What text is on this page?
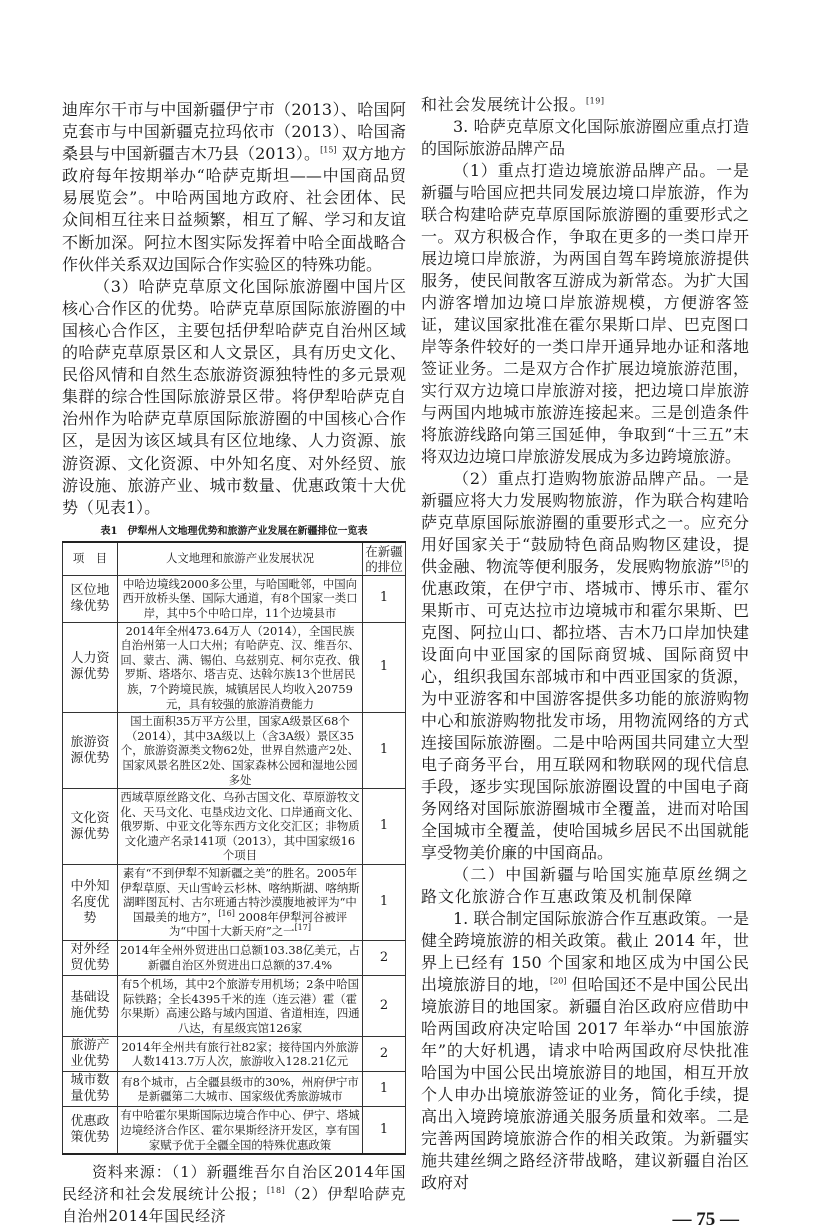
迪库尔干市与中国新疆伊宁市（2013）、哈国阿克套市与中国新疆克拉玛依市（2013）、哈国斋桑县与中国新疆吉木乃县（2013）。[15] 双方地方政府每年按期举办“哈萨克斯坦——中国商品贸易展览会”。中哈两国地方政府、社会团体、民众间相互往来日益频繁，相互了解、学习和友谊不断加深。阿拉木图实际发挥着中哈全面战略合作伙伴关系双边国际合作实验区的特殊功能。

（3）哈萨克草原文化国际旅游圈中国片区核心合作区的优势。哈萨克草原国际旅游圈的中国核心合作区，主要包括伊犁哈萨克自治州区域的哈萨克草原景区和人文景区，具有历史文化、民俗风情和自然生态旅游资源独特性的多元景观集群的综合性国际旅游景区带。将伊犁哈萨克自治州作为哈萨克草原国际旅游圈的中国核心合作区，是因为该区域具有区位地缘、人力资源、旅游资源、文化资源、中外知名度、对外经贸、旅游设施、旅游产业、城市数量、优惠政策十大优势（见表1）。

表1　伊犁州人文地理优势和旅游产业发展在新疆排位一览表
项　目	人文地理和旅游产业发展状况	在新疆的排位
区位地缘优势	中哈边境线2000多公里，与哈国毗邻，中国向西开放桥头堡、国际大通道，有8个国家一类口岸，其中5个中哈口岸，11个边境县市	1
人力资源优势	2014年全州473.64万人（2014），全国民族自治州第一人口大州；有哈萨克、汉、维吾尔、回、蒙古、满、锡伯、乌兹别克、柯尔克孜、俄罗斯、塔塔尔、塔吉克、达斡尔族13个世居民族，7个跨境民族，城镇居民人均收入20759元，具有较强的旅游消费能力	1
旅游资源优势	国土面积35万平方公里，国家A级景区68个（2014），其中3A级以上（含3A级）景区35个，旅游资源类文物62处，世界自然遗产2处、国家风景名胜区2处、国家森林公园和湿地公园多处	1
文化资源优势	西域草原丝路文化、乌孙古国文化、草原游牧文化、天马文化、屯垦戍边文化、口岸通商文化、俄罗斯、中亚文化等东西方文化交汇区；非物质文化遗产名录141项（2013），其中国家级16个项目	1
中外知名度优势	素有“不到伊犁不知新疆之美”的胜名。2005年伊犁草原、天山雪岭云杉林、喀纳斯湖、喀纳斯湖畔图瓦村、古尔班通古特沙漠腹地被评为“中国最美的地方”，[16] 2008年伊犁河谷被评为“中国十大新天府”之一[17]	1
对外经贸优势	2014年全州外贸进出口总额103.38亿美元，占新疆自治区外贸进出口总额的37.4%	2
基础设施优势	有5个机场，其中2个旅游专用机场；2条中哈国际铁路；全长4395千米的连（连云港）霍（霍尔果斯）高速公路与域内国道、省道相连，四通八达，有星级宾馆126家	2
旅游产业优势	2014年全州共有旅行社82家；接待国内外旅游人数1413.7万人次，旅游收入128.21亿元	2
城市数量优势	有8个城市，占全疆县级市的30%，州府伊宁市是新疆第二大城市、国家级优秀旅游城市	1
优惠政策优势	有中哈霍尔果斯国际边境合作中心、伊宁、塔城边境经济合作区、霍尔果斯经济开发区，享有国家赋予优于全疆全国的特殊优惠政策	1

资料来源：（1）新疆维吾尔自治区2014年国民经济和社会发展统计公报；[18]（2）伊犁哈萨克自治州2014年国民经济

和社会发展统计公报。[19]

3. 哈萨克草原文化国际旅游圈应重点打造的国际旅游品牌产品

（1）重点打造边境旅游品牌产品。一是新疆与哈国应把共同发展边境口岸旅游，作为联合构建哈萨克草原国际旅游圈的重要形式之一。双方积极合作，争取在更多的一类口岸开展边境口岸旅游，为两国自驾车跨境旅游提供服务，使民间散客互游成为新常态。为扩大国内游客增加边境口岸旅游规模，方便游客签证，建议国家批准在霍尔果斯口岸、巴克图口岸等条件较好的一类口岸开通异地办证和落地签证业务。二是双方合作扩展边境旅游范围，实行双方边境口岸旅游对接，把边境口岸旅游与两国内地城市旅游连接起来。三是创造条件将旅游线路向第三国延伸，争取到“十三五”末将双边边境口岸旅游发展成为多边跨境旅游。

（2）重点打造购物旅游品牌产品。一是新疆应将大力发展购物旅游，作为联合构建哈萨克草原国际旅游圈的重要形式之一。应充分用好国家关于“鼓励特色商品购物区建设，提供金融、物流等便利服务，发展购物旅游”[5]的优惠政策，在伊宁市、塔城市、博乐市、霍尔果斯市、可克达拉市边境城市和霍尔果斯、巴克图、阿拉山口、都拉塔、吉木乃口岸加快建设面向中亚国家的国际商贸城、国际商贸中心，组织我国东部城市和中西亚国家的货源，为中亚游客和中国游客提供多功能的旅游购物中心和旅游购物批发市场，用物流网络的方式连接国际旅游圈。二是中哈两国共同建立大型电子商务平台，用互联网和物联网的现代信息手段，逐步实现国际旅游圈设置的中国电子商务网络对国际旅游圈城市全覆盖，进而对哈国全国城市全覆盖，使哈国城乡居民不出国就能享受物美价廉的中国商品。

（二）中国新疆与哈国实施草原丝绸之路文化旅游合作互惠政策及机制保障

1. 联合制定国际旅游合作互惠政策。一是健全跨境旅游的相关政策。截止 2014 年，世界上已经有 150 个国家和地区成为中国公民出境旅游目的地，[20] 但哈国还不是中国公民出境旅游目的地国家。新疆自治区政府应借助中哈两国政府决定哈国 2017 年举办“中国旅游年”的大好机遇，请求中哈两国政府尽快批准哈国为中国公民出境旅游目的地国，相互开放个人申办出境旅游签证的业务，简化手续，提高出入境跨境旅游通关服务质量和效率。二是完善两国跨境旅游合作的相关政策。为新疆实施共建丝绸之路经济带战略，建议新疆自治区政府对

— 75 —
